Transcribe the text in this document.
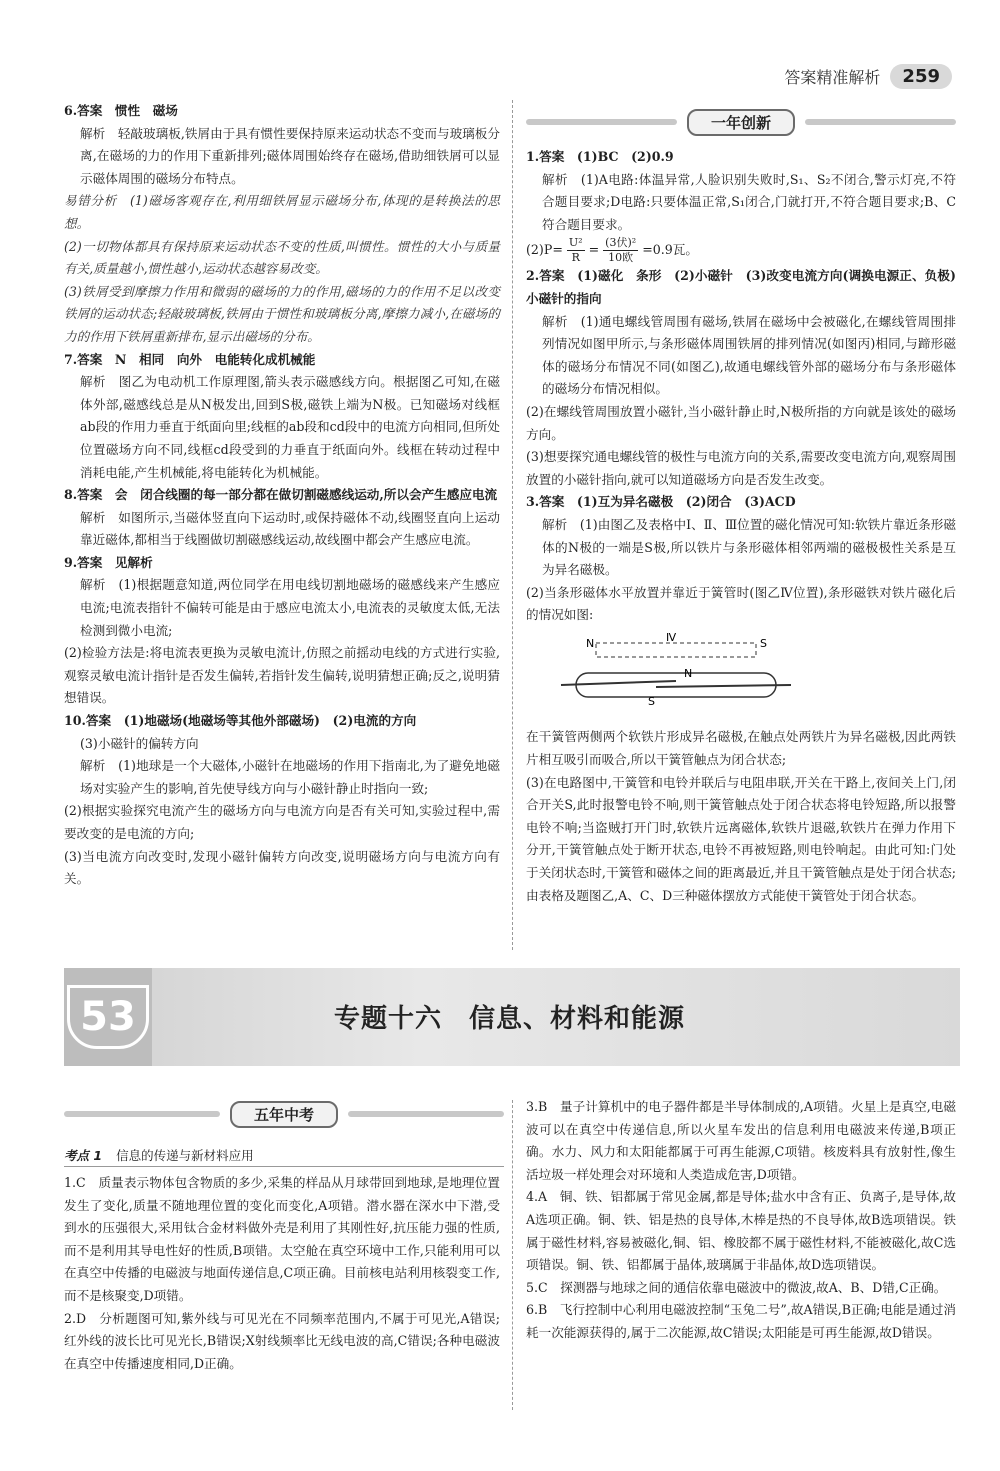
答案精准解析	259

6.答案　惯性　磁场

解析　轻敲玻璃板,铁屑由于具有惯性要保持原来运动状态不变而与玻璃板分离,在磁场的力的作用下重新排列;磁体周围始终存在磁场,借助细铁屑可以显示磁体周围的磁场分布特点。

易错分析　(1)磁场客观存在,利用细铁屑显示磁场分布,体现的是转换法的思想。

(2)一切物体都具有保持原来运动状态不变的性质,叫惯性。惯性的大小与质量有关,质量越小,惯性越小,运动状态越容易改变。

(3)铁屑受到摩擦力作用和微弱的磁场的力的作用,磁场的力的作用不足以改变铁屑的运动状态;轻敲玻璃板,铁屑由于惯性和玻璃板分离,摩擦力减小,在磁场的力的作用下铁屑重新排布,显示出磁场的分布。

7.答案　N　相同　向外　电能转化成机械能

解析　图乙为电动机工作原理图,箭头表示磁感线方向。根据图乙可知,在磁体外部,磁感线总是从N极发出,回到S极,磁铁上端为N极。已知磁场对线框ab段的作用力垂直于纸面向里;线框的ab段和cd段中的电流方向相同,但所处位置磁场方向不同,线框cd段受到的力垂直于纸面向外。线框在转动过程中消耗电能,产生机械能,将电能转化为机械能。

8.答案　会　闭合线圈的每一部分都在做切割磁感线运动,所以会产生感应电流

解析　如图所示,当磁体竖直向下运动时,或保持磁体不动,线圈竖直向上运动靠近磁体,都相当于线圈做切割磁感线运动,故线圈中都会产生感应电流。

9.答案　见解析

解析　(1)根据题意知道,两位同学在用电线切割地磁场的磁感线来产生感应电流;电流表指针不偏转可能是由于感应电流太小,电流表的灵敏度太低,无法检测到微小电流;

(2)检验方法是:将电流表更换为灵敏电流计,仿照之前摇动电线的方式进行实验,观察灵敏电流计指针是否发生偏转,若指针发生偏转,说明猜想正确;反之,说明猜想错误。

10.答案　(1)地磁场(地磁场等其他外部磁场)　(2)电流的方向

(3)小磁针的偏转方向

解析　(1)地球是一个大磁体,小磁针在地磁场的作用下指南北,为了避免地磁场对实验产生的影响,首先使导线方向与小磁针静止时指向一致;

(2)根据实验探究电流产生的磁场方向与电流方向是否有关可知,实验过程中,需要改变的是电流的方向;

(3)当电流方向改变时,发现小磁针偏转方向改变,说明磁场方向与电流方向有关。

一年创新

1.答案　(1)BC　(2)0.9

解析　(1)A电路:体温异常,人脸识别失败时,S₁、S₂不闭合,警示灯亮,不符合题目要求;D电路:只要体温正常,S₁闭合,门就打开,不符合题目要求;B、C符合题目要求。

$(2)P= \frac{\text{U²}}{R} = \frac{\text{(3伏)²}}{\text{10欧}} =0.9$瓦。

2.答案　(1)磁化　条形　(2)小磁针　(3)改变电流方向(调换电源正、负极)　小磁针的指向

解析　(1)通电螺线管周围有磁场,铁屑在磁场中会被磁化,在螺线管周围排列情况如图甲所示,与条形磁体周围铁屑的排列情况(如图丙)相同,与蹄形磁体的磁场分布情况不同(如图乙),故通电螺线管外部的磁场分布与条形磁体的磁场分布情况相似。

(2)在螺线管周围放置小磁针,当小磁针静止时,N极所指的方向就是该处的磁场方向。

(3)想要探究通电螺线管的极性与电流方向的关系,需要改变电流方向,观察周围放置的小磁针指向,就可以知道磁场方向是否发生改变。

3.答案　(1)互为异名磁极　(2)闭合　(3)ACD

解析　(1)由图乙及表格中Ⅰ、Ⅱ、Ⅲ位置的磁化情况可知:软铁片靠近条形磁体的N极的一端是S极,所以铁片与条形磁体相邻两端的磁极极性关系是互为异名磁极。

(2)当条形磁体水平放置并靠近于簧管时(图乙Ⅳ位置),条形磁铁对铁片磁化后的情况如图:

N	Ⅳ	S
S
N

在干簧管两侧两个软铁片形成异名磁极,在触点处两铁片为异名磁极,因此两铁片相互吸引而吸合,所以干簧管触点为闭合状态;

(3)在电路图中,干簧管和电铃并联后与电阻串联,开关在干路上,夜间关上门,闭合开关S,此时报警电铃不响,则干簧管触点处于闭合状态将电铃短路,所以报警电铃不响;当盗贼打开门时,软铁片远离磁体,软铁片退磁,软铁片在弹力作用下分开,干簧管触点处于断开状态,电铃不再被短路,则电铃响起。由此可知:门处于关闭状态时,干簧管和磁体之间的距离最近,并且干簧管触点是处于闭合状态;由表格及题图乙,A、C、D三种磁体摆放方式能使干簧管处于闭合状态。

53	专题十六　信息、材料和能源
五年中考
考点 1 信息的传递与新材料应用

1.C　质量表示物体包含物质的多少,采集的样品从月球带回到地球,是地理位置发生了变化,质量不随地理位置的变化而变化,A项错。潜水器在深水中下潜,受到水的压强很大,采用钛合金材料做外壳是利用了其刚性好,抗压能力强的性质,而不是利用其导电性好的性质,B项错。太空舱在真空环境中工作,只能利用可以在真空中传播的电磁波与地面传递信息,C项正确。目前核电站利用核裂变工作,而不是核聚变,D项错。

2.D　分析题图可知,紫外线与可见光在不同频率范围内,不属于可见光,A错误;红外线的波长比可见光长,B错误;X射线频率比无线电波的高,C错误;各种电磁波在真空中传播速度相同,D正确。

3.B　量子计算机中的电子器件都是半导体制成的,A项错。火星上是真空,电磁波可以在真空中传递信息,所以火星车发出的信息利用电磁波来传递,B项正确。水力、风力和太阳能都属于可再生能源,C项错。核废料具有放射性,像生活垃圾一样处理会对环境和人类造成危害,D项错。

4.A　铜、铁、铝都属于常见金属,都是导体;盐水中含有正、负离子,是导体,故A选项正确。铜、铁、铝是热的良导体,木棒是热的不良导体,故B选项错误。铁属于磁性材料,容易被磁化,铜、铝、橡胶都不属于磁性材料,不能被磁化,故C选项错误。铜、铁、铝都属于晶体,玻璃属于非晶体,故D选项错误。

5.C　探测器与地球之间的通信依靠电磁波中的微波,故A、B、D错,C正确。

6.B　飞行控制中心利用电磁波控制“玉兔二号”,故A错误,B正确;电能是通过消耗一次能源获得的,属于二次能源,故C错误;太阳能是可再生能源,故D错误。
